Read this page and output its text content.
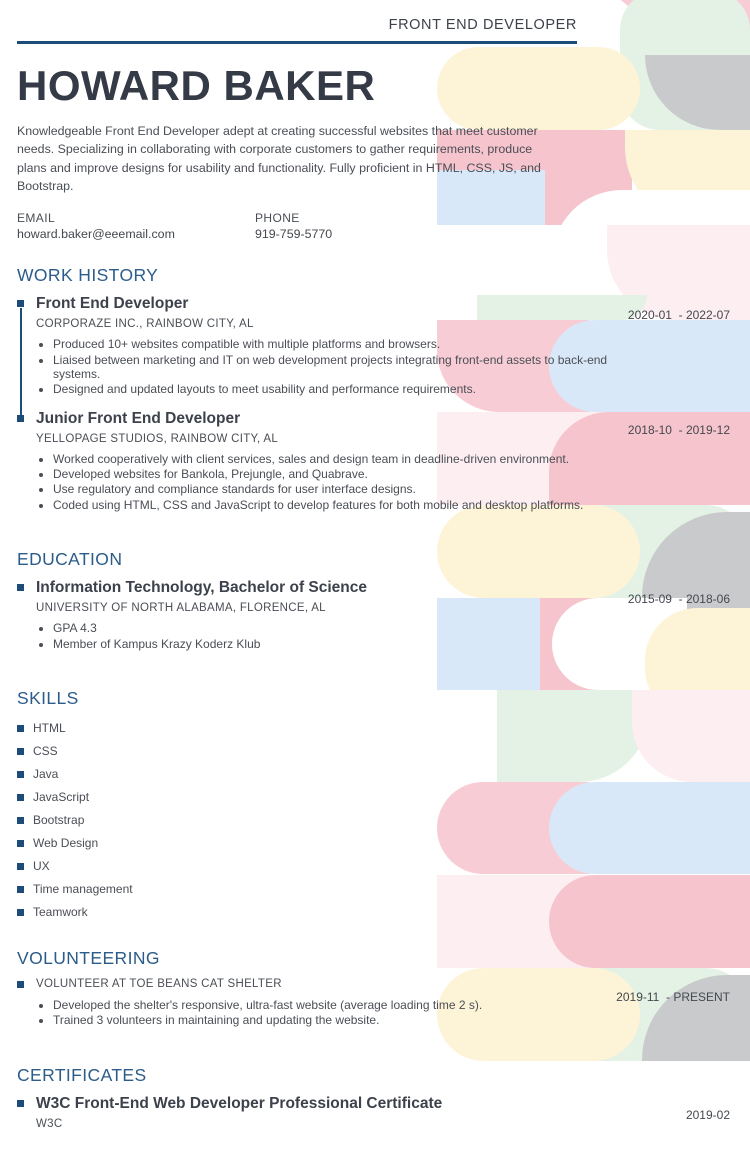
FRONT END DEVELOPER
HOWARD BAKER

Knowledgeable Front End Developer adept at creating successful websites that meet customer needs. Specializing in collaborating with corporate customers to gather requirements, produce plans and improve designs for usability and functionality. Fully proficient in HTML, CSS, JS, and Bootstrap.

EMAIL
howard.baker@eeemail.com
PHONE
919-759-5770
WORK HISTORY
Front End Developer
CORPORAZE INC., RAINBOW CITY, AL
2020-01  - 2022-07
• Produced 10+ websites compatible with multiple platforms and browsers.
• Liaised between marketing and IT on web development projects integrating front-end assets to back-end systems.
• Designed and updated layouts to meet usability and performance requirements.
Junior Front End Developer
YELLOPAGE STUDIOS, RAINBOW CITY, AL
2018-10  - 2019-12
• Worked cooperatively with client services, sales and design team in deadline-driven environment.
• Developed websites for Bankola, Prejungle, and Quabrave.
• Use regulatory and compliance standards for user interface designs.
• Coded using HTML, CSS and JavaScript to develop features for both mobile and desktop platforms.
EDUCATION
Information Technology, Bachelor of Science
UNIVERSITY OF NORTH ALABAMA, FLORENCE, AL
2015-09  - 2018-06
• GPA 4.3
• Member of Kampus Krazy Koderz Klub
SKILLS
HTML
CSS
Java
JavaScript
Bootstrap
Web Design
UX
Time management
Teamwork
VOLUNTEERING
VOLUNTEER AT TOE BEANS CAT SHELTER
2019-11  - PRESENT
• Developed the shelter's responsive, ultra-fast website (average loading time 2 s).
• Trained 3 volunteers in maintaining and updating the website.
CERTIFICATES
W3C Front-End Web Developer Professional Certificate
W3C
2019-02
